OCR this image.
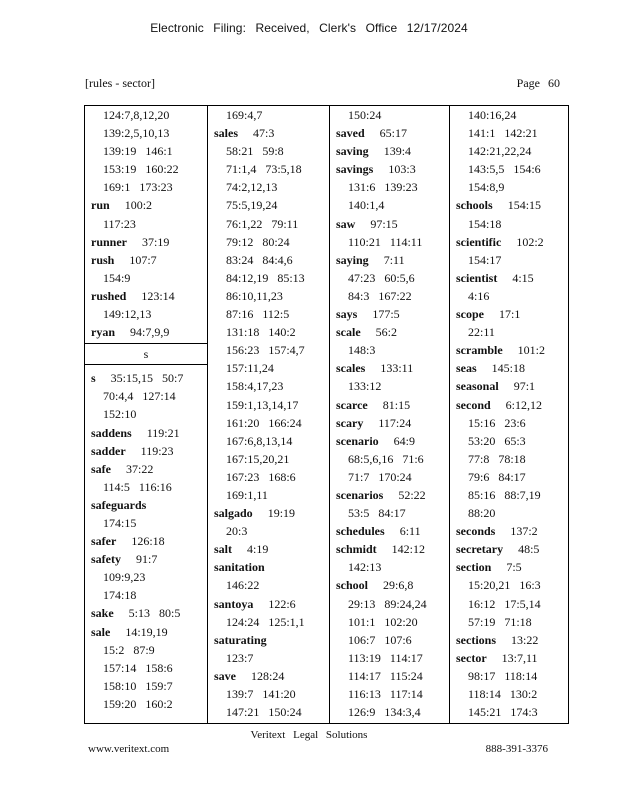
Electronic Filing: Received, Clerk's Office 12/17/2024
[rules - sector]	Page 60
124:7,8,12,20
139:2,5,10,13
139:19   146:1
153:19   160:22
169:1   173:23
run     100:2
117:23
runner     37:19
rush     107:7
154:9
rushed     123:14
149:12,13
ryan     94:7,9,9
s
s     35:15,15   50:7
70:4,4   127:14
152:10
saddens     119:21
sadder     119:23
safe     37:22
114:5   116:16
safeguards
174:15
safer     126:18
safety     91:7
109:9,23
174:18
sake     5:13   80:5
sale     14:19,19
15:2   87:9
157:14   158:6
158:10   159:7
159:20   160:2
169:4,7
sales     47:3
58:21   59:8
71:1,4   73:5,18
74:2,12,13
75:5,19,24
76:1,22   79:11
79:12   80:24
83:24   84:4,6
84:12,19   85:13
86:10,11,23
87:16   112:5
131:18   140:2
156:23   157:4,7
157:11,24
158:4,17,23
159:1,13,14,17
161:20   166:24
167:6,8,13,14
167:15,20,21
167:23   168:6
169:1,11
salgado     19:19
20:3
salt     4:19
sanitation
146:22
santoya     122:6
124:24   125:1,1
saturating
123:7
save     128:24
139:7   141:20
147:21   150:24
150:24
saved     65:17
saving     139:4
savings     103:3
131:6   139:23
140:1,4
saw     97:15
110:21   114:11
saying     7:11
47:23   60:5,6
84:3   167:22
says     177:5
scale     56:2
148:3
scales     133:11
133:12
scarce     81:15
scary     117:24
scenario     64:9
68:5,6,16   71:6
71:7   170:24
scenarios     52:22
53:5   84:17
schedules     6:11
schmidt     142:12
142:13
school     29:6,8
29:13   89:24,24
101:1   102:20
106:7   107:6
113:19   114:17
114:17   115:24
116:13   117:14
126:9   134:3,4
140:16,24
141:1   142:21
142:21,22,24
143:5,5   154:6
154:8,9
schools     154:15
154:18
scientific     102:2
154:17
scientist     4:15
4:16
scope     17:1
22:11
scramble     101:2
seas     145:18
seasonal     97:1
second     6:12,12
15:16   23:6
53:20   65:3
77:8   78:18
79:6   84:17
85:16   88:7,19
88:20
seconds     137:2
secretary     48:5
section     7:5
15:20,21   16:3
16:12   17:5,14
57:19   71:18
sections     13:22
sector     13:7,11
98:17   118:14
118:14   130:2
145:21   174:3
Veritext Legal Solutions
www.veritext.com	888-391-3376
